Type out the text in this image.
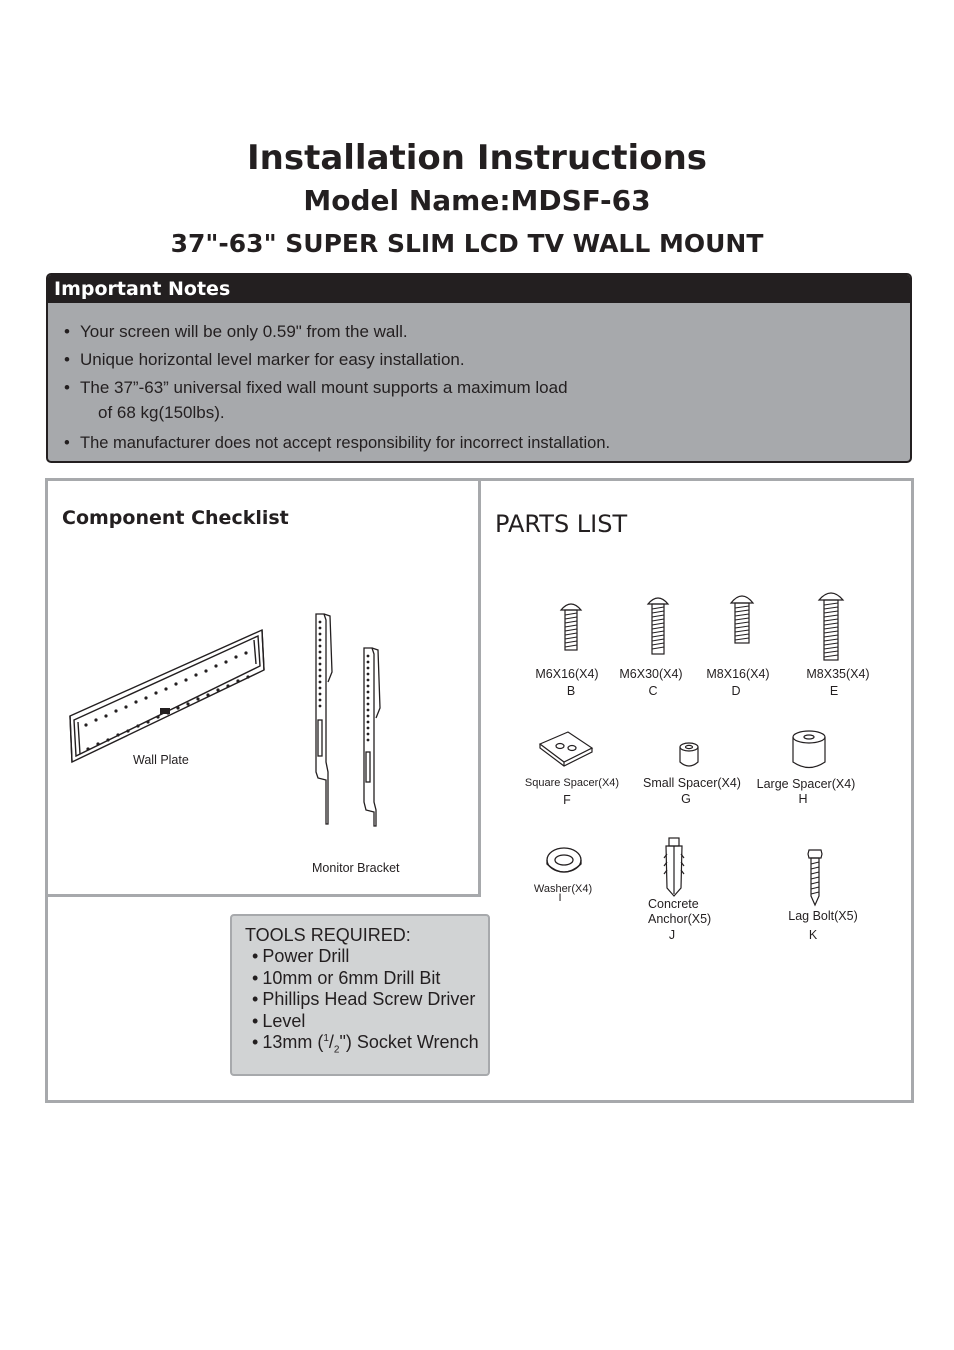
Installation Instructions
Model Name:MDSF-63
37"-63" SUPER SLIM LCD TV WALL MOUNT
Important Notes
• Your screen will be only 0.59" from the wall.
• Unique horizontal level marker for easy installation.
• The 37”-63” universal fixed wall mount supports a maximum load
of 68 kg(150lbs).
• The manufacturer does not accept responsibility for incorrect installation.
Component Checklist
Wall Plate
Monitor Bracket
PARTS LIST
M6X16(X4)
B
M6X30(X4)
C
M8X16(X4)
D
M8X35(X4)
E
Square Spacer(X4)
F
Small Spacer(X4)
G
Large Spacer(X4)
H
Washer(X4)
I	Concrete
Anchor(X5)
J
Lag Bolt(X5)
K
TOOLS REQUIRED:
• Power Drill
• 10mm or 6mm Drill Bit
• Phillips Head Screw Driver
• Level
• 13mm $(^1/_2")$ Socket Wrench
